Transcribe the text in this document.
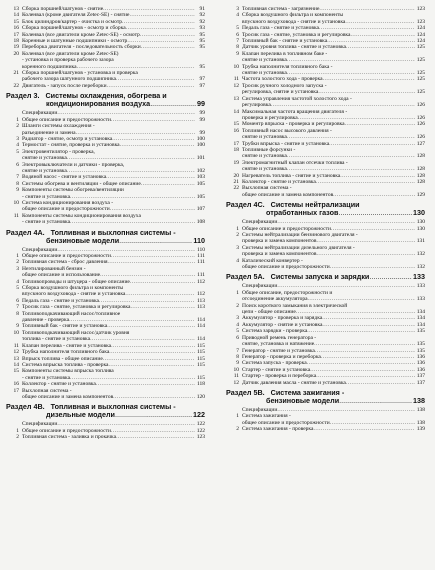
13 Сборка поршней/шатунов - снятие .....	91
14 Коленвал (кроме двигателя Zetec-SE) - снятие .....	92
15 Блок цилиндров/картер - очистка и осмотр .....	92
16 Сборка поршней/шатунов - осмотр и сборка .....	93
17 Коленвал (все двигатели кроме Zetec-SE) - осмотр .....	95
18 Коренные и шатунные подшипники - осмотр .....	95
19 Переборка двигателя - последовательность сборки .....	95
20 Коленвал (все двигатели кроме Zetec-SE)
- установка и проверка рабочего зазора
коренного подшипника .....	95
21 Сборка поршней/шатунов - установка и проверка
рабочего зазора шатунного подшипника .....	97
22 Двигатель - запуск после переборки .....	97
Раздел 3. Системы охлаждения, обогрева и
кондиционирования воздуха .....	99
Спецификации .....	99
1 Общее описание и предосторожности .....	99
2 Шланги системы охлаждения -
разъединение и замена .....	99
3 Радиатор - снятие, осмотр и установка .....	100
4 Термостат - снятие, проверка и установка .....	100
5 Электровентилятор - проверка,
снятие и установка .....	101
6 Электровыключатели и датчики - проверка,
снятие и установка .....	102
7 Водяной насос - снятие и установка .....	103
8 Системы обогрева и вентиляции - общее описание .....	105
9 Компоненты системы обогрева/вентиляции
- снятие и установка .....	105
10 Система кондиционирования воздуха -
общее описание и предосторожности .....	107
11 Компоненты системы кондиционирования воздуха
- снятие и установка .....	108
Раздел 4A. Топливная и выхлопная системы -
бензиновые модели .....	110
Спецификации .....	110
1 Общее описание и предосторожности .....	111
2 Топливная система - сброс давления .....	111
3 Неэтилированный бензин -
общее описание и использование .....	111
4 Топливопроводы и штуцера - общее описание .....	112
5 Сборка воздушного фильтра и компоненты
впускного воздуховода - снятие и установка .....	112
6 Педаль газа - снятие и установка .....	113
7 Тросик газа - снятие, установка и регулировка .....	113
8 Топливоподкачивающий насос/топливное
давление - проверка .....	114
9 Топливный бак - снятие и установка .....	114
10 Топливоподкачивающий насос/датчик уровня
топлива - снятие и установка .....	114
11 Клапан перелива - снятие и установка .....	115
12 Трубка наполнителя топливного бака .....	115
13 Впрыск топлива - общее описание .....	115
14 Система впрыска топлива - проверка .....	115
15 Компоненты системы впрыска топлива
- снятие и установка .....	115
16 Коллектор - снятие и установка .....	118
17 Выхлопная система -
общее описание и замена компонентов .....	120
Раздел 4B. Топливная и выхлопная системы -
дизельные модели .....	122
Спецификации .....	122
1 Общее описание и предосторожности .....	122
2 Топливная система - заливка и прокачка .....	123
3 Топливная система - загрязнение .....	123
4 Сборка воздушного фильтра и компоненты
впускного воздуховода - снятие и установка .....	123
5 Педаль газа - снятие и установка .....	124
6 Тросик газа - снятие, установка и регулировка .....	124
7 Топливный бак - снятие и установка .....	124
8 Датчик уровня топлива - снятие и установка .....	125
9 Клапан перелива в топливном баке -
снятие и установка .....	125
10 Трубка наполнителя топливного бака -
снятие и установка .....	125
11 Частота холостого хода - проверка .....	125
12 Тросик ручного холодного запуска -
регулировка, снятие и установка .....	125
13 Система управления частотой холостого хода -
регулировка .....	126
14 Максимальная частота вращения двигателя -
проверка и регулировка .....	126
15 Моментр впрыска - проверка и регулировка .....	126
16 Топливный насос высокого давления -
снятие и установка .....	126
17 Трубки впрыска - снятие и установка .....	127
18 Топливные форсунки -
снятие и установка .....	128
19 Электромагнитный клапан отсечки топлива -
снятие и установка .....	128
20 Нагреватель топлива - снятие и установка .....	128
21 Коллектор - снятие и установка .....	128
22 Выхлопная система -
общее описание и замена компонентов .....	129
Раздел 4C. Системы нейтрализации
отработанных газов .....	130
Спецификации .....	130
1 Общее описание и предосторожности .....	130
2 Системы нейтрализации бензинового двигателя -
проверка и замена компонентов .....	131
3 Системы нейтрализации дизельного двигателя -
проверка и замена компонентов .....	132
4 Каталический конвертер -
общее описание и предосторожности .....	132
Раздел 5A. Системы запуска и зарядки .....	133
Спецификации .....	133
1 Общее описание, предосторожности и
отсоединение аккумулятора .....	133
2 Поиск короткого замыкания в электрической
цепи - общее описание .....	134
3 Аккумулятор - проверка и зарядка .....	134
4 Аккумулятор - снятие и установка .....	134
5 Система зарядки - проверка .....	135
6 Приводной ремень генератора -
снятие, установка и натяжение .....	135
7 Генератор - снятие и установка .....	135
8 Генератор - проверка и переборка .....	136
9 Система запуска - проверка .....	136
10 Стартер - снятие и установка .....	136
11 Стартер - проверка и переборка .....	137
12 Датчик давления масла - снятие и установка .....	137
Раздел 5B. Система зажигания -
бензиновые модели .....	138
Спецификации .....	138
1 Система зажигания -
общее описание и предосторожности .....	138
2 Система зажигания - проверка .....	139
